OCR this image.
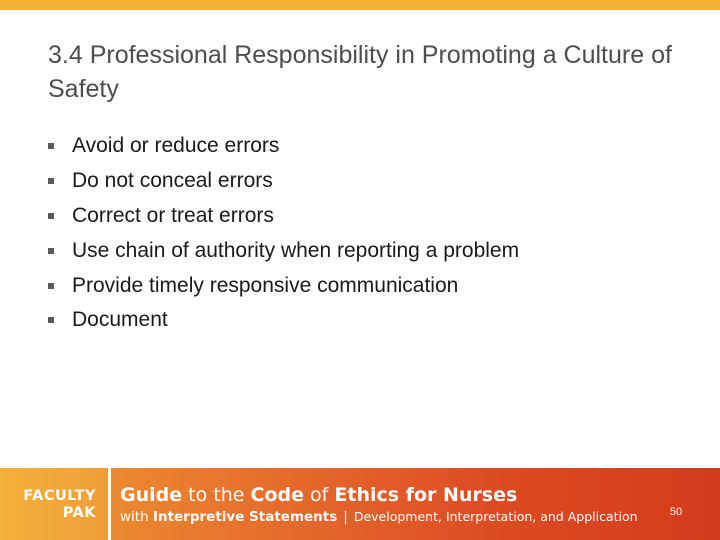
3.4 Professional Responsibility in Promoting a Culture of Safety
Avoid or reduce errors
Do not conceal errors
Correct or treat errors
Use chain of authority when reporting a problem
Provide timely responsive communication
Document
FACULTY
PAK
Guide to the Code of Ethics for Nurses
with Interpretive Statements | Development, Interpretation, and Application	50
